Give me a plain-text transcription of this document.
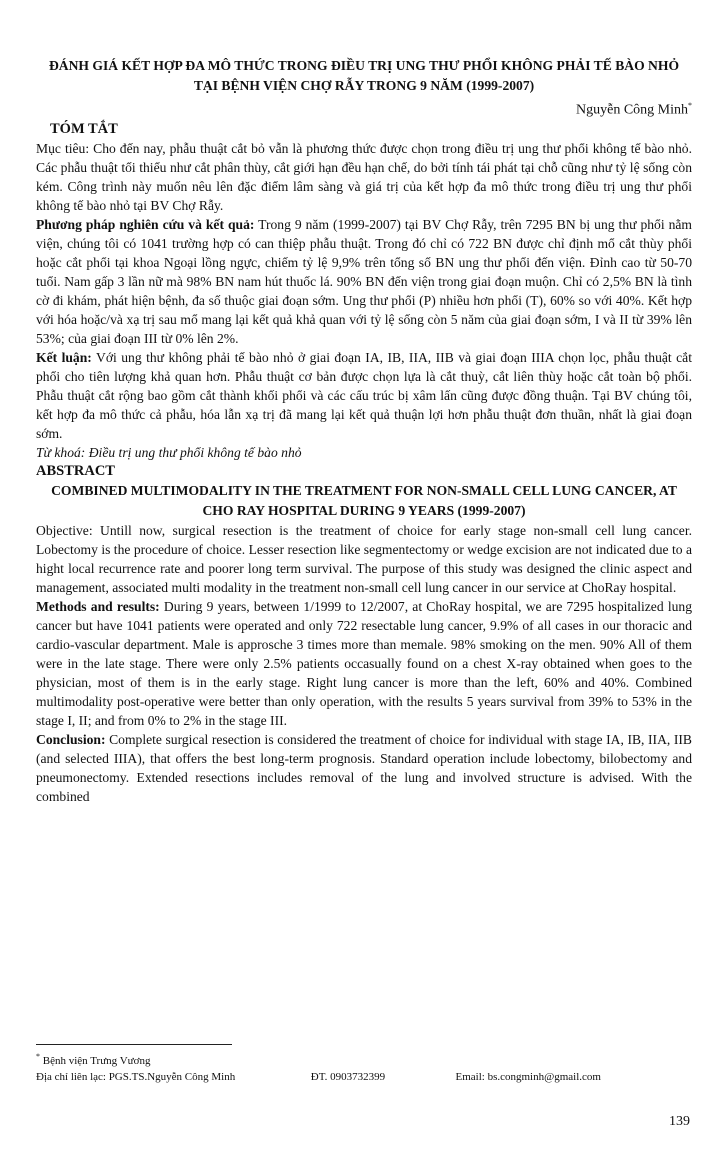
ĐÁNH GIÁ KẾT HỢP ĐA MÔ THỨC TRONG ĐIỀU TRỊ UNG THƯ PHỔI KHÔNG PHẢI TẾ BÀO NHỎ TẠI BỆNH VIỆN CHỢ RẪY TRONG 9 NĂM (1999-2007)
Nguyễn Công Minh*
TÓM TẮT

Mục tiêu: Cho đến nay, phẫu thuật cắt bỏ vẫn là phương thức được chọn trong điều trị ung thư phổi không tế bào nhỏ. Các phẫu thuật tối thiểu như cắt phân thùy, cắt giới hạn đều hạn chế, do bởi tính tái phát tại chỗ cũng như tỷ lệ sống còn kém. Công trình này muốn nêu lên đặc điểm lâm sàng và giá trị của kết hợp đa mô thức trong điều trị ung thư phổi không tế bào nhỏ tại BV Chợ Rẫy.

Phương pháp nghiên cứu và kết quả: Trong 9 năm (1999-2007) tại BV Chợ Rẫy, trên 7295 BN bị ung thư phổi nằm viện, chúng tôi có 1041 trường hợp có can thiệp phẫu thuật. Trong đó chỉ có 722 BN được chỉ định mổ cắt thùy phổi hoặc cắt phổi tại khoa Ngoại lồng ngực, chiếm tỷ lệ 9,9% trên tổng số BN ung thư phổi đến viện. Đỉnh cao từ 50-70 tuổi. Nam gấp 3 lần nữ mà 98% BN nam hút thuốc lá. 90% BN đến viện trong giai đoạn muộn. Chỉ có 2,5% BN là tình cờ đi khám, phát hiện bệnh, đa số thuộc giai đoạn sớm. Ung thư phổi (P) nhiều hơn phổi (T), 60% so với 40%. Kết hợp với hóa hoặc/và xạ trị sau mổ mang lại kết quả khả quan với tỷ lệ sống còn 5 năm của giai đoạn sớm, I và II từ 39% lên 53%; của giai đoạn III từ 0% lên 2%.

Kết luận: Với ung thư không phải tế bào nhỏ ở giai đoạn IA, IB, IIA, IIB và giai đoạn IIIA chọn lọc, phẫu thuật cắt phổi cho tiên lượng khả quan hơn. Phẫu thuật cơ bản được chọn lựa là cắt thuỳ, cắt liên thùy hoặc cắt toàn bộ phổi. Phẫu thuật cắt rộng bao gồm cắt thành khối phổi và các cấu trúc bị xâm lấn cũng được đồng thuận. Tại BV chúng tôi, kết hợp đa mô thức cả phẫu, hóa lẫn xạ trị đã mang lại kết quả thuận lợi hơn phẫu thuật đơn thuần, nhất là giai đoạn sớm.

Từ khoá: Điều trị ung thư phổi không tế bào nhỏ

ABSTRACT
COMBINED MULTIMODALITY IN THE TREATMENT FOR NON-SMALL CELL LUNG CANCER, AT CHO RAY HOSPITAL DURING 9 YEARS (1999-2007)

Objective: Untill now, surgical resection is the treatment of choice for early stage non-small cell lung cancer. Lobectomy is the procedure of choice. Lesser resection like segmentectomy or wedge excision are not indicated due to a hight local recurrence rate and poorer long term survival. The purpose of this study was designed the clinic aspect and management, associated multi modality in the treatment non-small cell lung cancer in our service at ChoRay hospital.

Methods and results: During 9 years, between 1/1999 to 12/2007, at ChoRay hospital, we are 7295 hospitalized lung cancer but have 1041 patients were operated and only 722 resectable lung cancer, 9.9% of all cases in our thoracic and cardio-vascular department. Male is approsche 3 times more than memale. 98% smoking on the men. 90% All of them were in the late stage. There were only 2.5% patients occasually found on a chest X-ray obtained when goes to the physician, most of them is in the early stage. Right lung cancer is more than the left, 60% and 40%. Combined multimodality post-operative were better than only operation, with the results 5 years survival from 39% to 53% in the stage I, II; and from 0% to 2% in the stage III.

Conclusion: Complete surgical resection is considered the treatment of choice for individual with stage IA, IB, IIA, IIB (and selected IIIA), that offers the best long-term prognosis. Standard operation include lobectomy, bilobectomy and pneumonectomy. Extended resections includes removal of the lung and involved structure is advised. With the combined

* Bệnh viện Trưng Vương
Địa chỉ liên lạc: PGS.TS.Nguyễn Công Minh	ĐT. 0903732399	Email: bs.congminh@gmail.com
139
